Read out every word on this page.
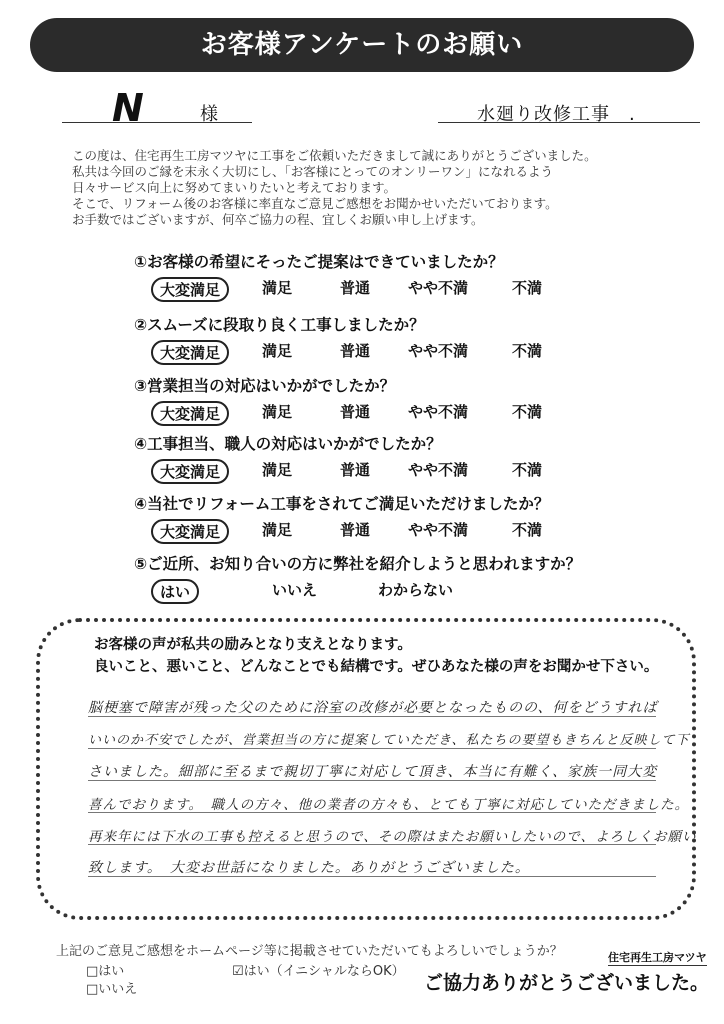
お客様アンケートのお願い
N	様	水廻り改修工事　.
この度は、住宅再生工房マツヤに工事をご依頼いただきまして誠にありがとうございました。
私共は今回のご縁を末永く大切にし、「お客様にとってのオンリーワン」になれるよう
日々サービス向上に努めてまいりたいと考えております。
そこで、リフォーム後のお客様に率直なご意見ご感想をお聞かせいただいております。
お手数ではございますが、何卒ご協力の程、宜しくお願い申し上げます。
①お客様の希望にそったご提案はできていましたか？
大変満足	満足	普通	やや不満	不満
②スムーズに段取り良く工事しましたか？
大変満足	満足	普通	やや不満	不満
③営業担当の対応はいかがでしたか？
大変満足	満足	普通	やや不満	不満
④工事担当、職人の対応はいかがでしたか？
大変満足	満足	普通	やや不満	不満
④当社でリフォーム工事をされてご満足いただけましたか？
大変満足	満足	普通	やや不満	不満
⑤ご近所、お知り合いの方に弊社を紹介しようと思われますか？
はい	いいえ	わからない
お客様の声が私共の励みとなり支えとなります。
良いこと、悪いこと、どんなことでも結構です。ぜひあなた様の声をお聞かせ下さい。
脳梗塞で障害が残った父のために浴室の改修が必要となったものの、何をどうすれば
いいのか不安でしたが、営業担当の方に提案していただき、私たちの要望もきちんと反映して下
さいました。細部に至るまで親切丁寧に対応して頂き、本当に有難く、家族一同大変
喜んでおります。　職人の方々、他の業者の方々も、とても丁寧に対応していただきました。
再来年には下水の工事も控えると思うので、その際はまたお願いしたいので、よろしくお願い
致します。　大変お世話になりました。ありがとうございました。
上記のご意見ご感想をホームページ等に掲載させていただいてもよろしいでしょうか？
□はい	☑はい（イニシャルならOK）
□いいえ
住宅再生工房マツヤ
ご協力ありがとうございました。
